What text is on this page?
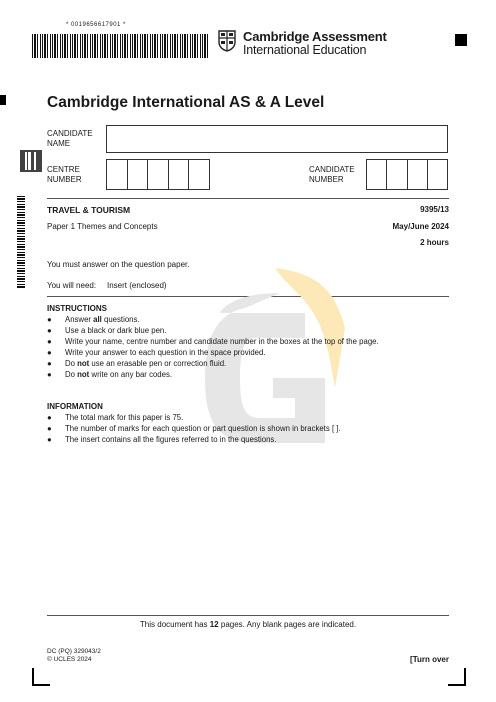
* 0019656617901 *
Cambridge Assessment
International Education
Cambridge International AS & A Level
CANDIDATE
NAME
CENTRE
NUMBER
CANDIDATE
NUMBER
TRAVEL & TOURISM	9395/13
Paper 1 Themes and Concepts	May/June 2024
2 hours
You must answer on the question paper.
You will need: Insert (enclosed)
INSTRUCTIONS
● Answer all questions.
● Use a black or dark blue pen.
● Write your name, centre number and candidate number in the boxes at the top of the page.
● Write your answer to each question in the space provided.
● Do not use an erasable pen or correction fluid.
● Do not write on any bar codes.
INFORMATION
● The total mark for this paper is 75.
● The number of marks for each question or part question is shown in brackets [ ].
● The insert contains all the figures referred to in the questions.
This document has 12 pages. Any blank pages are indicated.
DC (PQ) 329043/2
© UCLES 2024	[Turn over
